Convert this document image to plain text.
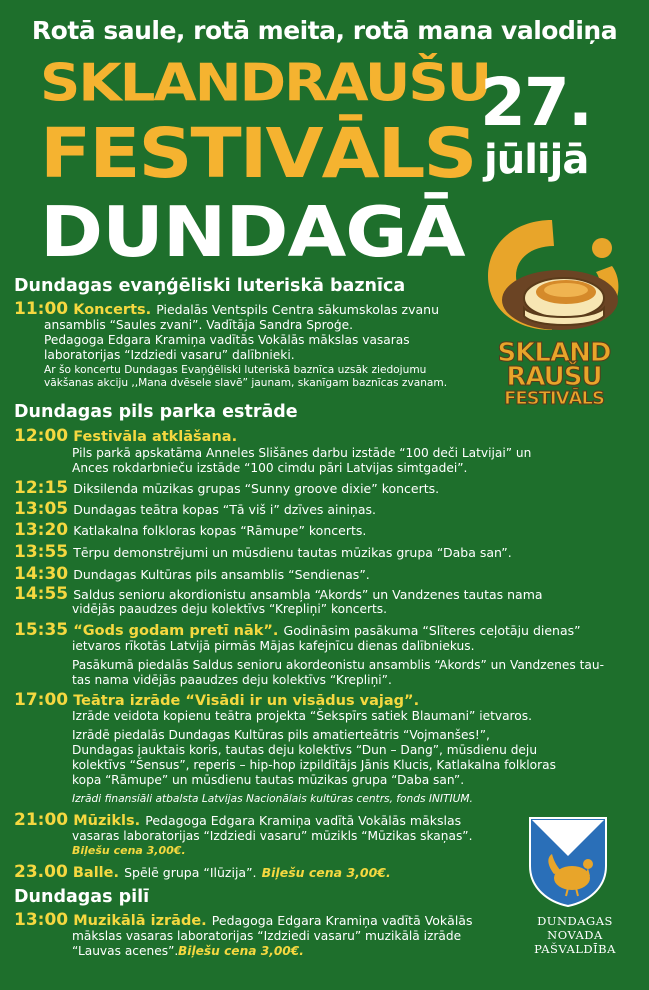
Rotā saule, rotā meita, rotā mana valodiņa
SKLANDRAUŠU
FESTIVĀLS
DUNDAGĀ
27.
jūlijā
SKLAND
RAUŠU
FESTIVĀLS
Dundagas evaņģēliski luteriskā baznīca
11:00 Koncerts. Piedalās Ventspils Centra sākumskolas zvanu
ansamblis “Saules zvani”. Vadītāja Sandra Sproģe.
Pedagoga Edgara Kramiņa vadītās Vokālās mākslas vasaras
laboratorijas “Izdziedi vasaru” dalībnieki.
Ar šo koncertu Dundagas Evaņģēliski luteriskā baznīca uzsāk ziedojumu
vākšanas akciju ,,Mana dvēsele slavē” jaunam, skanīgam baznīcas zvanam.
Dundagas pils parka estrāde
12:00 Festivāla atklāšana.
Pils parkā apskatāma Anneles Slišānes darbu izstāde “100 deči Latvijai” un
Ances rokdarbnieču izstāde “100 cimdu pāri Latvijas simtgadei”.
12:15 Diksilenda mūzikas grupas “Sunny groove dixie” koncerts.
13:05 Dundagas teātra kopas “Tā viš i” dzīves ainiņas.
13:20 Katlakalna folkloras kopas “Rāmupe” koncerts.
13:55 Tērpu demonstrējumi un mūsdienu tautas mūzikas grupa “Daba san”.
14:30 Dundagas Kultūras pils ansamblis “Sendienas”.
14:55 Saldus senioru akordionistu ansambļa “Akords” un Vandzenes tautas nama
vidējās paaudzes deju kolektīvs “Krepliņi” koncerts.
15:35 “Gods godam pretī nāk”. Godināsim pasākuma “Slīteres ceļotāju dienas”
ietvaros rīkotās Latvijā pirmās Mājas kafejnīcu dienas dalībniekus.
Pasākumā piedalās Saldus senioru akordeonistu ansamblis “Akords” un Vandzenes tau-
tas nama vidējās paaudzes deju kolektīvs “Krepliņi”.
17:00 Teātra izrāde “Visādi ir un visādus vajag”.
Izrāde veidota kopienu teātra projekta “Šekspīrs satiek Blaumani” ietvaros.
Izrādē piedalās Dundagas Kultūras pils amatierteātris “Vojmanšes!”,
Dundagas jauktais koris, tautas deju kolektīvs “Dun – Dang”, mūsdienu deju
kolektīvs “Šensus”, reperis – hip-hop izpildītājs Jānis Klucis, Katlakalna folkloras
kopa “Rāmupe” un mūsdienu tautas mūzikas grupa “Daba san”.
Izrādi finansiāli atbalsta Latvijas Nacionālais kultūras centrs, fonds INITIUM.
21:00 Mūzikls. Pedagoga Edgara Kramiņa vadītā Vokālās mākslas
vasaras laboratorijas “Izdziedi vasaru” mūzikls “Mūzikas skaņas”.
Biļešu cena 3,00€.
23.00 Balle. Spēlē grupa “Ilūzija”. Biļešu cena 3,00€.
Dundagas pilī
13:00 Muzikālā izrāde. Pedagoga Edgara Kramiņa vadītā Vokālās
mākslas vasaras laboratorijas “Izdziedi vasaru” muzikālā izrāde
“Lauvas acenes”. Biļešu cena 3,00€.
DUNDAGAS
NOVADA
PAŠVALDĪBA
